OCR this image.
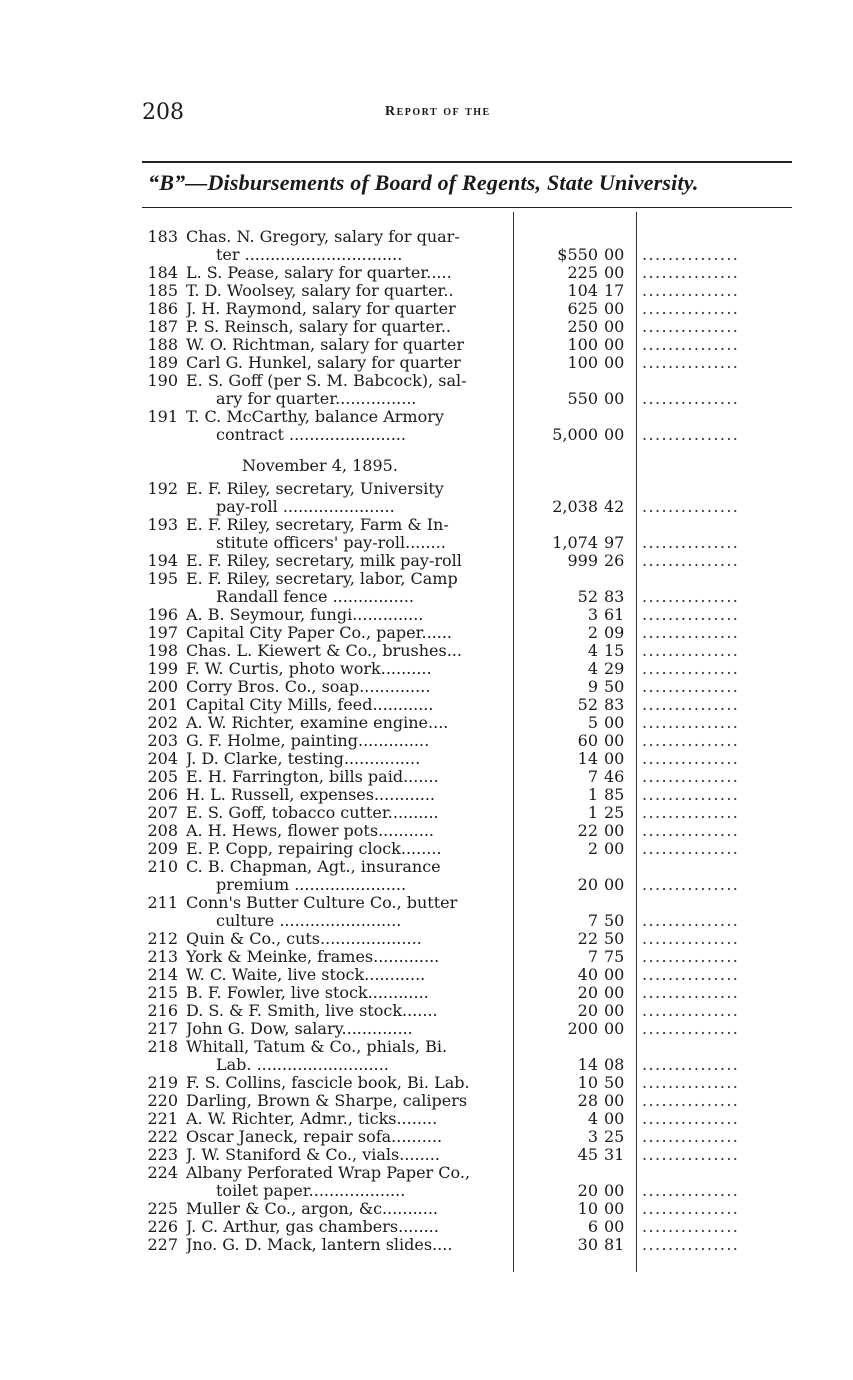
208	Report of the
“B”—Disbursements of Board of Regents, State University.
183 Chas. N. Gregory, salary for quar-
ter ...............................	$550 00 ...............
184 L. S. Pease, salary for quarter.....	225 00 ...............
185 T. D. Woolsey, salary for quarter..	104 17 ...............
186 J. H. Raymond, salary for quarter	625 00 ...............
187 P. S. Reinsch, salary for quarter..	250 00 ...............
188 W. O. Richtman, salary for quarter	100 00 ...............
189 Carl G. Hunkel, salary for quarter	100 00 ...............
190 E. S. Goff (per S. M. Babcock), sal-
ary for quarter................	550 00 ...............
191 T. C. McCarthy, balance Armory
contract .......................	5,000 00 ...............
November 4, 1895.
192 E. F. Riley, secretary, University
pay-roll ......................	2,038 42 ...............
193 E. F. Riley, secretary, Farm & In-
stitute officers' pay-roll........	1,074 97 ...............
194 E. F. Riley, secretary, milk pay-roll	999 26 ...............
195 E. F. Riley, secretary, labor, Camp
Randall fence ................	52 83 ...............
196 A. B. Seymour, fungi..............	3 61 ...............
197 Capital City Paper Co., paper......	2 09 ...............
198 Chas. L. Kiewert & Co., brushes...	4 15 ...............
199 F. W. Curtis, photo work..........	4 29 ...............
200 Corry Bros. Co., soap..............	9 50 ...............
201 Capital City Mills, feed............	52 83 ...............
202 A. W. Richter, examine engine....	5 00 ...............
203 G. F. Holme, painting..............	60 00 ...............
204 J. D. Clarke, testing...............	14 00 ...............
205 E. H. Farrington, bills paid.......	7 46 ...............
206 H. L. Russell, expenses............	1 85 ...............
207 E. S. Goff, tobacco cutter..........	1 25 ...............
208 A. H. Hews, flower pots...........	22 00 ...............
209 E. P. Copp, repairing clock........	2 00 ...............
210 C. B. Chapman, Agt., insurance
premium ......................	20 00 ...............
211 Conn's Butter Culture Co., butter
culture ........................	7 50 ...............
212 Quin & Co., cuts....................	22 50 ...............
213 York & Meinke, frames.............	7 75 ...............
214 W. C. Waite, live stock............	40 00 ...............
215 B. F. Fowler, live stock............	20 00 ...............
216 D. S. & F. Smith, live stock.......	20 00 ...............
217 John G. Dow, salary..............	200 00 ...............
218 Whitall, Tatum & Co., phials, Bi.
Lab. ..........................	14 08 ...............
219 F. S. Collins, fascicle book, Bi. Lab.	10 50 ...............
220 Darling, Brown & Sharpe, calipers	28 00 ...............
221 A. W. Richter, Admr., ticks........	4 00 ...............
222 Oscar Janeck, repair sofa..........	3 25 ...............
223 J. W. Staniford & Co., vials........	45 31 ...............
224 Albany Perforated Wrap Paper Co.,
toilet paper...................	20 00 ...............
225 Muller & Co., argon, &c...........	10 00 ...............
226 J. C. Arthur, gas chambers........	6 00 ...............
227 Jno. G. D. Mack, lantern slides....	30 81 ...............
